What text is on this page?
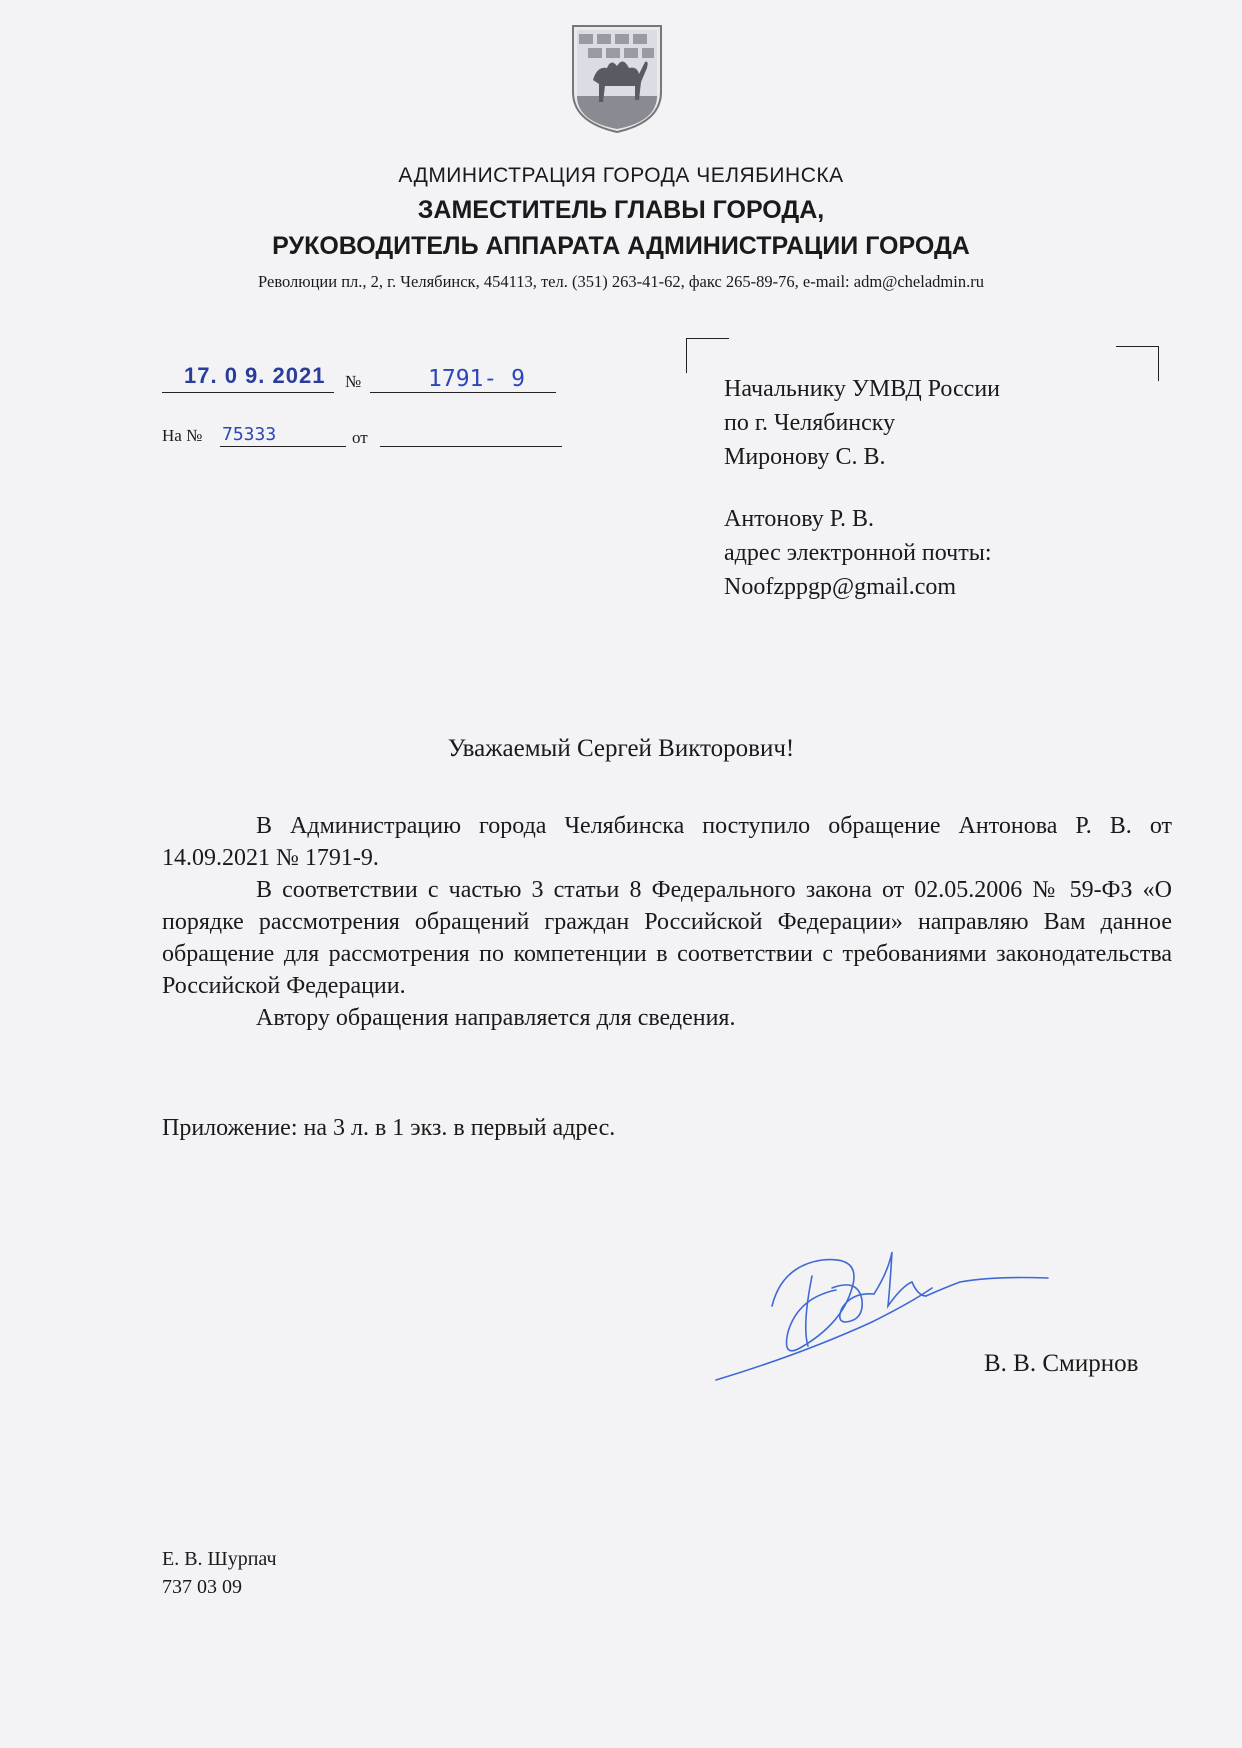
АДМИНИСТРАЦИЯ ГОРОДА ЧЕЛЯБИНСКА
ЗАМЕСТИТЕЛЬ ГЛАВЫ ГОРОДА,
РУКОВОДИТЕЛЬ АППАРАТА АДМИНИСТРАЦИИ ГОРОДА
Революции пл., 2, г. Челябинск, 454113, тел. (351) 263-41-62, факс 265-89-76, e-mail: adm@cheladmin.ru
17. 0 9. 2021 №	1791- 9
На № 75333	от
Начальнику УМВД России
по г. Челябинску
Миронову С. В.
Антонову Р. В.
адрес электронной почты:
Noofzppgp@gmail.com
Уважаемый Сергей Викторович!
В Администрацию города Челябинска поступило обращение Антонова Р. В. от 14.09.2021 № 1791-9.
В соответствии с частью 3 статьи 8 Федерального закона от 02.05.2006 № 59-ФЗ «О порядке рассмотрения обращений граждан Российской Федерации» направляю Вам данное обращение для рассмотрения по компетенции в соответствии с требованиями законодательства Российской Федерации.
Автору обращения направляется для сведения.
Приложение: на 3 л. в 1 экз. в первый адрес.
В. В. Смирнов
Е. В. Шурпач
737 03 09
